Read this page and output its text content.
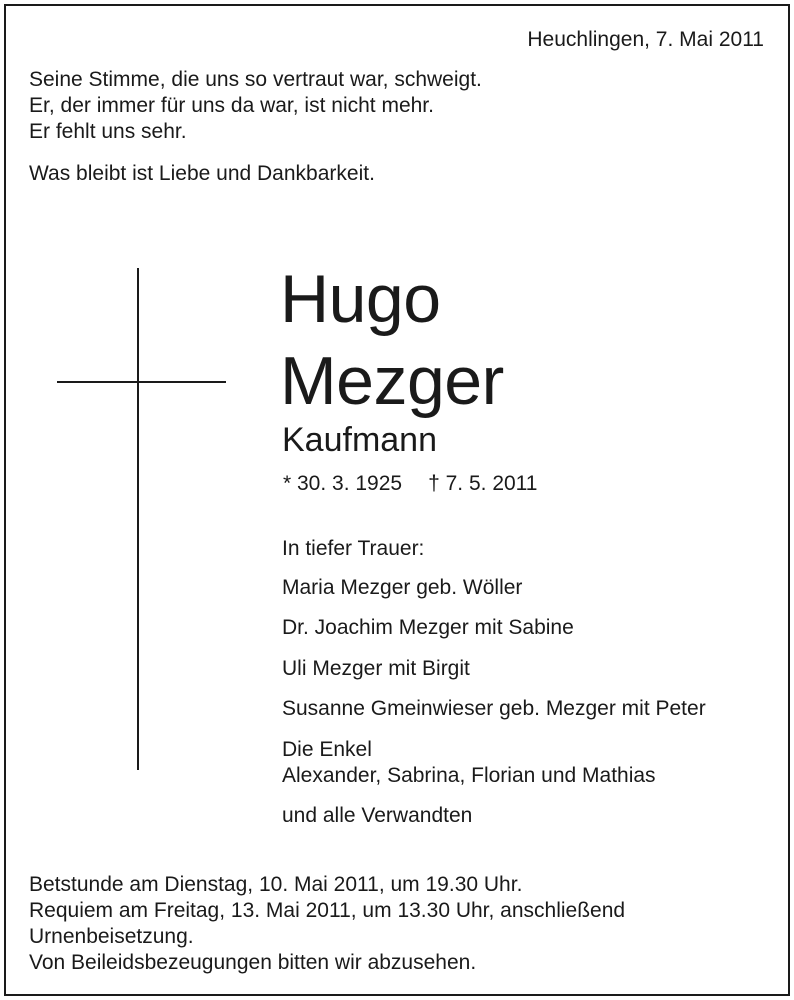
Heuchlingen, 7. Mai 2011

Seine Stimme, die uns so vertraut war, schweigt.

Er, der immer für uns da war, ist nicht mehr.

Er fehlt uns sehr.

Was bleibt ist Liebe und Dankbarkeit.

Hugo

Mezger

Kaufmann

* 30. 3. 1925 † 7. 5. 2011

In tiefer Trauer:

Maria Mezger geb. Wöller

Dr. Joachim Mezger mit Sabine

Uli Mezger mit Birgit

Susanne Gmeinwieser geb. Mezger mit Peter

Die Enkel

Alexander, Sabrina, Florian und Mathias

und alle Verwandten

Betstunde am Dienstag, 10. Mai 2011, um 19.30 Uhr.

Requiem am Freitag, 13. Mai 2011, um 13.30 Uhr, anschließend

Urnenbeisetzung.

Von Beileidsbezeugungen bitten wir abzusehen.
